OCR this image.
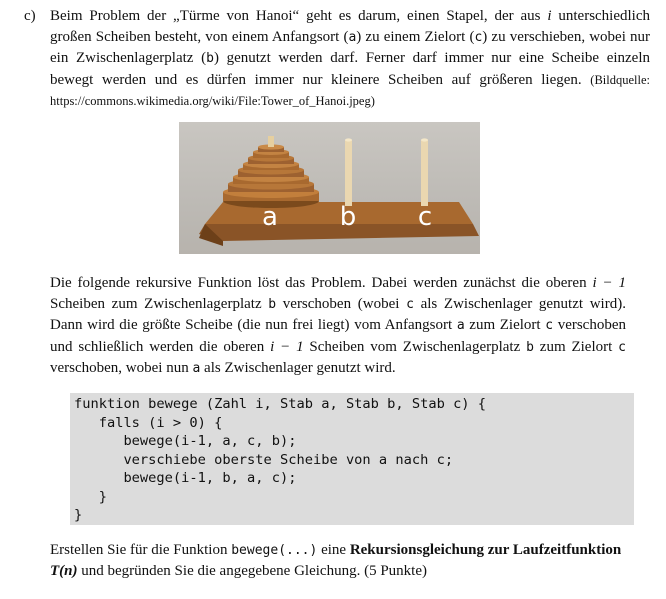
c) Beim Problem der „Türme von Hanoi“ geht es darum, einen Stapel, der aus i unterschiedlich großen Scheiben besteht, von einem Anfangsort (a) zu einem Zielort (c) zu verschieben, wobei nur ein Zwischenlagerplatz (b) genutzt werden darf. Ferner darf immer nur eine Scheibe einzeln bewegt werden und es dürfen immer nur kleinere Scheiben auf größeren liegen. (Bildquelle: https://commons.wikimedia.org/wiki/File:Tower_of_Hanoi.jpeg)
a b c
Die folgende rekursive Funktion löst das Problem. Dabei werden zunächst die oberen i − 1 Scheiben zum Zwischenlagerplatz b verschoben (wobei c als Zwischenlager genutzt wird). Dann wird die größte Scheibe (die nun frei liegt) vom Anfangsort a zum Zielort c verschoben und schließlich werden die oberen i − 1 Scheiben vom Zwischenlagerplatz b zum Zielort c verschoben, wobei nun a als Zwischenlager genutzt wird.
funktion bewege (Zahl i, Stab a, Stab b, Stab c) {
falls (i > 0) {
bewege(i-1, a, c, b);
verschiebe oberste Scheibe von a nach c;
bewege(i-1, b, a, c);
}
}
Erstellen Sie für die Funktion bewege(...) eine Rekursionsgleichung zur Laufzeitfunktion T(n) und begründen Sie die angegebene Gleichung. (5 Punkte)
